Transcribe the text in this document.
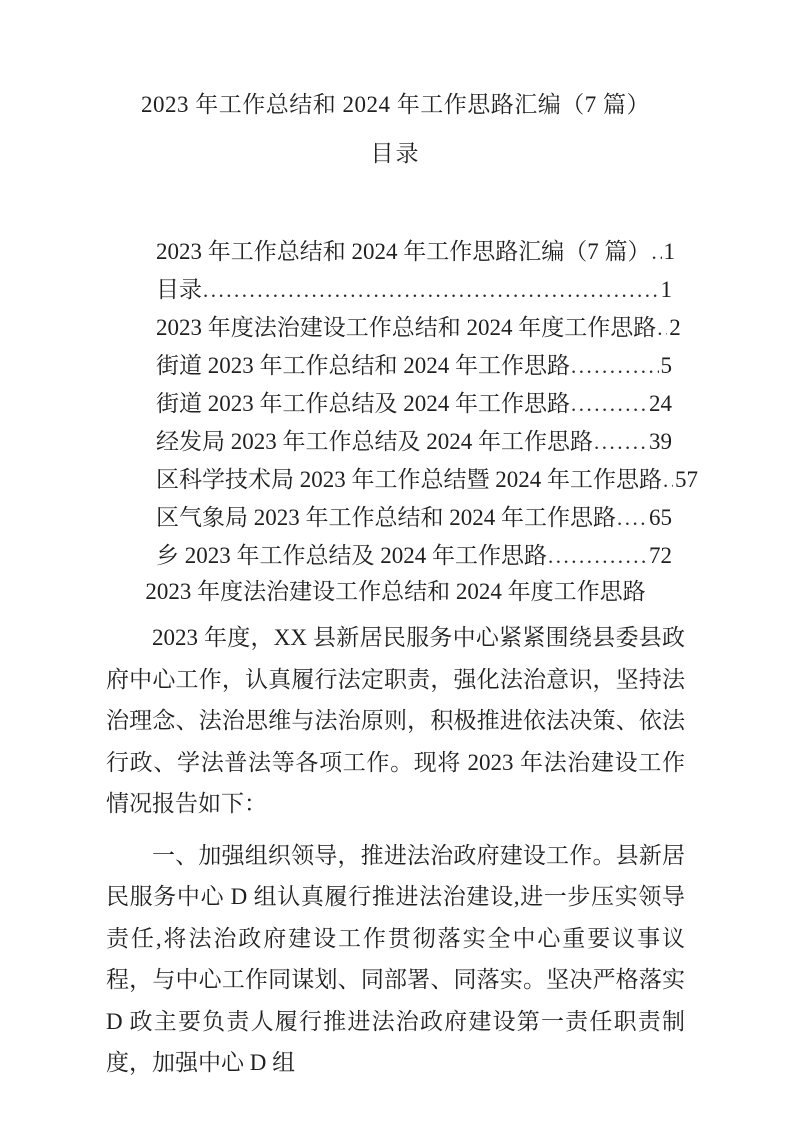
2023 年工作总结和 2024 年工作思路汇编（7 篇）
目录
2023 年工作总结和 2024 年工作思路汇编（7 篇） ..... 1
目录 .....	1
2023 年度法治建设工作总结和 2024 年度工作思路 ..... 2
街道 2023 年工作总结和 2024 年工作思路 .....	5
街道 2023 年工作总结及 2024 年工作思路 .....	24
经发局 2023 年工作总结及 2024 年工作思路 ..... 39
区科学技术局 2023 年工作总结暨 2024 年工作思路 ..... 57
区气象局 2023 年工作总结和 2024 年工作思路 ..... 65
乡 2023 年工作总结及 2024 年工作思路 .....	72
2023 年度法治建设工作总结和 2024 年度工作思路

2023 年度，XX 县新居民服务中心紧紧围绕县委县政府中心工作，认真履行法定职责，强化法治意识，坚持法治理念、法治思维与法治原则，积极推进依法决策、依法行政、学法普法等各项工作。现将 2023 年法治建设工作情况报告如下：

一、加强组织领导，推进法治政府建设工作。县新居民服务中心 D 组认真履行推进法治建设,进一步压实领导责任,将法治政府建设工作贯彻落实全中心重要议事议程，与中心工作同谋划、同部署、同落实。坚决严格落实 D 政主要负责人履行推进法治政府建设第一责任职责制度，加强中心 D 组
